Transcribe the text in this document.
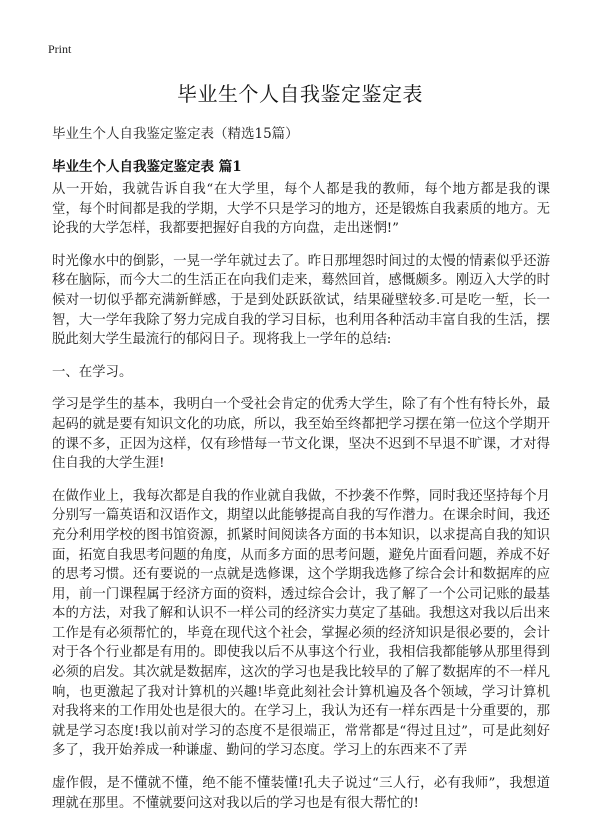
Print
毕业生个人自我鉴定鉴定表
毕业生个人自我鉴定鉴定表（精选15篇）
毕业生个人自我鉴定鉴定表 篇1

从一开始，我就告诉自我“在大学里，每个人都是我的教师，每个地方都是我的课堂，每个时间都是我的学期，大学不只是学习的地方，还是锻炼自我素质的地方。无论我的大学怎样，我都要把握好自我的方向盘，走出迷惘!”

时光像水中的倒影，一晃一学年就过去了。昨日那埋怨时间过的太慢的情素似乎还游移在脑际，而今大二的生活正在向我们走来，蓦然回首，感慨颇多。刚迈入大学的时候对一切似乎都充满新鲜感，于是到处跃跃欲试，结果碰壁较多.可是吃一堑，长一智，大一学年我除了努力完成自我的学习目标，也利用各种活动丰富自我的生活，摆脱此刻大学生最流行的郁闷日子。现将我上一学年的总结:

一、在学习。

学习是学生的基本，我明白一个受社会肯定的优秀大学生，除了有个性有特长外，最起码的就是要有知识文化的功底，所以，我至始至终都把学习摆在第一位这个学期开的课不多，正因为这样，仅有珍惜每一节文化课，坚决不迟到不早退不旷课，才对得住自我的大学生涯!

在做作业上，我每次都是自我的作业就自我做，不抄袭不作弊，同时我还坚持每个月分别写一篇英语和汉语作文，期望以此能够提高自我的写作潜力。在课余时间，我还充分利用学校的图书馆资源，抓紧时间阅读各方面的书本知识，以求提高自我的知识面，拓宽自我思考问题的角度，从而多方面的思考问题，避免片面看问题，养成不好的思考习惯。还有要说的一点就是选修课，这个学期我选修了综合会计和数据库的应用，前一门课程属于经济方面的资料，透过综合会计，我了解了一个公司记账的最基本的方法，对我了解和认识不一样公司的经济实力莫定了基础。我想这对我以后出来工作是有必须帮忙的，毕竟在现代这个社会，掌握必须的经济知识是很必要的，会计对于各个行业都是有用的。即使我以后不从事这个行业，我相信我都能够从那里得到必须的启发。其次就是数据库，这次的学习也是我比较早的了解了数据库的不一样凡响，也更激起了我对计算机的兴趣!毕竟此刻社会计算机遍及各个领域，学习计算机对我将来的工作用处也是很大的。在学习上，我认为还有一样东西是十分重要的，那就是学习态度!我以前对学习的态度不是很端正，常常都是“得过且过”，可是此刻好多了，我开始养成一种谦虚、勤问的学习态度。学习上的东西来不了弄

虚作假，是不懂就不懂，绝不能不懂装懂!孔夫子说过“三人行，必有我师”，我想道理就在那里。不懂就要问这对我以后的学习也是有很大帮忙的!
